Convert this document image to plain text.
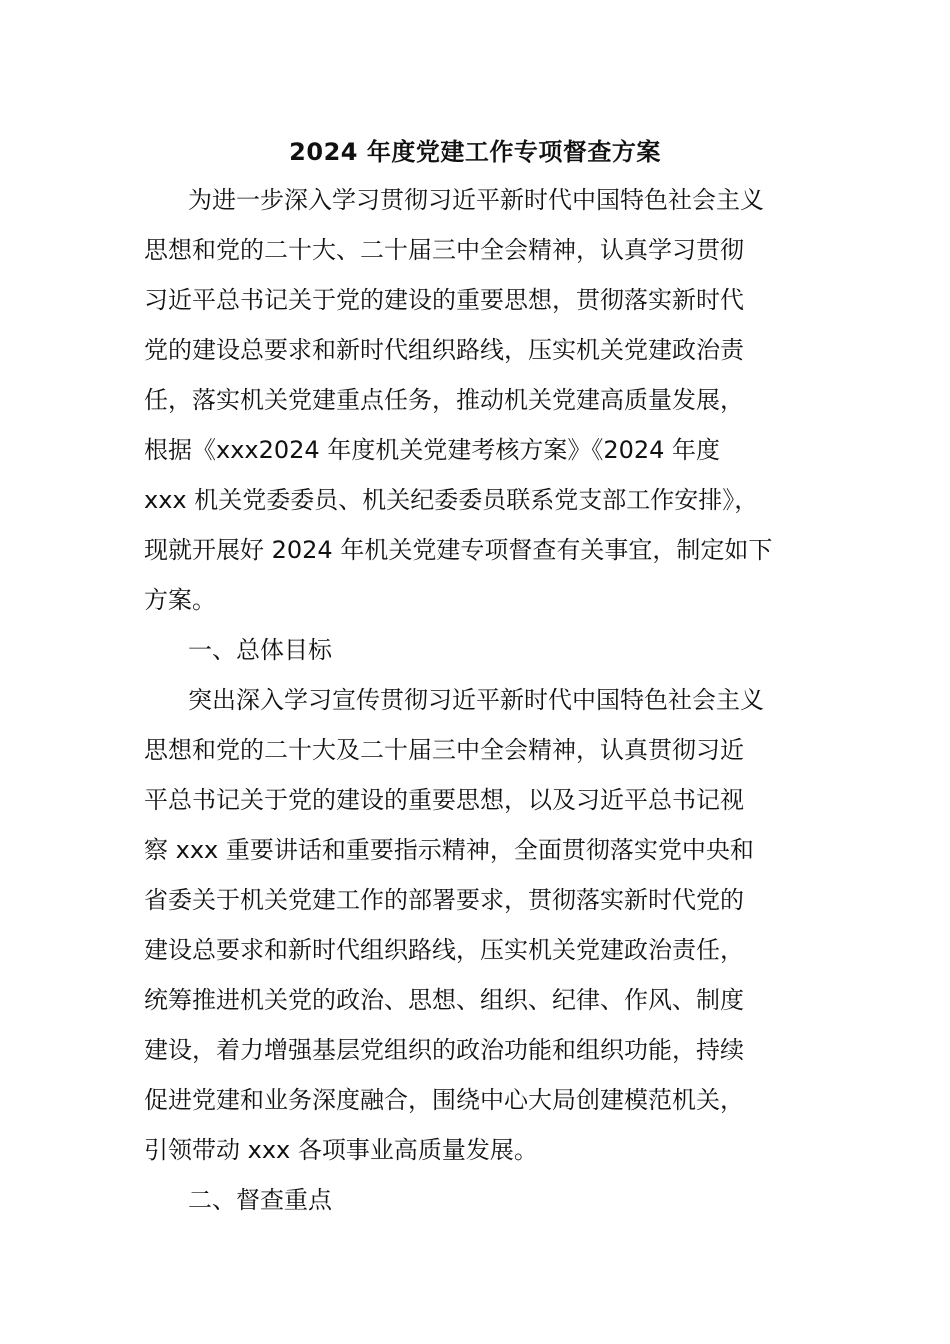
2024 年度党建工作专项督查方案
为进一步深入学习贯彻习近平新时代中国特色社会主义
思想和党的二十大、二十届三中全会精神，认真学习贯彻
习近平总书记关于党的建设的重要思想，贯彻落实新时代
党的建设总要求和新时代组织路线，压实机关党建政治责
任，落实机关党建重点任务，推动机关党建高质量发展，
根据《xxx2024 年度机关党建考核方案》《2024 年度
xxx 机关党委委员、机关纪委委员联系党支部工作安排》，
现就开展好 2024 年机关党建专项督查有关事宜，制定如下
方案。
一、总体目标
突出深入学习宣传贯彻习近平新时代中国特色社会主义
思想和党的二十大及二十届三中全会精神，认真贯彻习近
平总书记关于党的建设的重要思想，以及习近平总书记视
察 xxx 重要讲话和重要指示精神，全面贯彻落实党中央和
省委关于机关党建工作的部署要求，贯彻落实新时代党的
建设总要求和新时代组织路线，压实机关党建政治责任，
统筹推进机关党的政治、思想、组织、纪律、作风、制度
建设，着力增强基层党组织的政治功能和组织功能，持续
促进党建和业务深度融合，围绕中心大局创建模范机关，
引领带动 xxx 各项事业高质量发展。
二、督查重点
